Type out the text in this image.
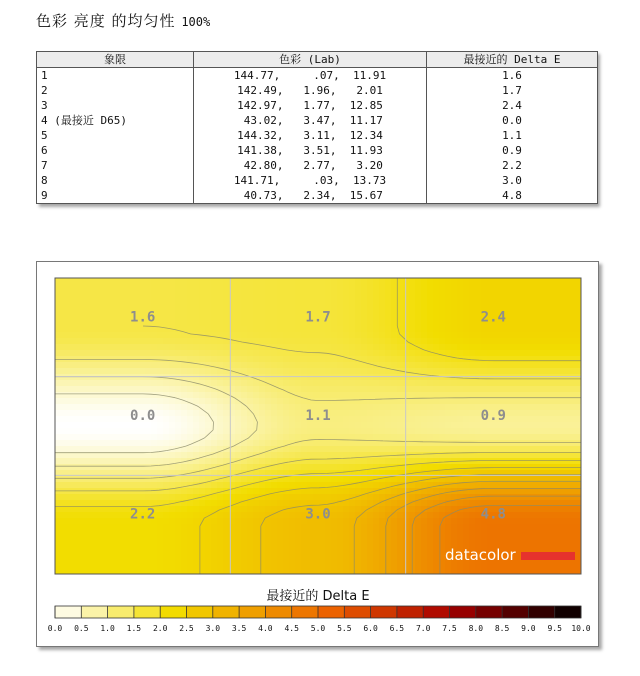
色彩 亮度 的均匀性 100%
象限	色彩 (Lab)	最接近的 Delta E
1	144.77,     .07,  11.91	1.6
2	142.49,   1.96,   2.01	1.7
3	142.97,   1.77,  12.85	2.4
4 (最接近 D65)	43.02,   3.47,  11.17	0.0
5	144.32,   3.11,  12.34	1.1
6	141.38,   3.51,  11.93	0.9
7	42.80,   2.77,   3.20	2.2
8	141.71,     .03,  13.73	3.0
9	40.73,   2.34,  15.67	4.8
1.6	1.7	2.4
0.0	1.1	0.9
2.2	3.0	4.8
datacolor
最接近的 Delta E
0.0 0.5 1.0 1.5 2.0 2.5 3.0 3.5 4.0 4.5 5.0 5.5 6.0 6.5 7.0 7.5 8.0 8.5 9.0 9.5 10.0
